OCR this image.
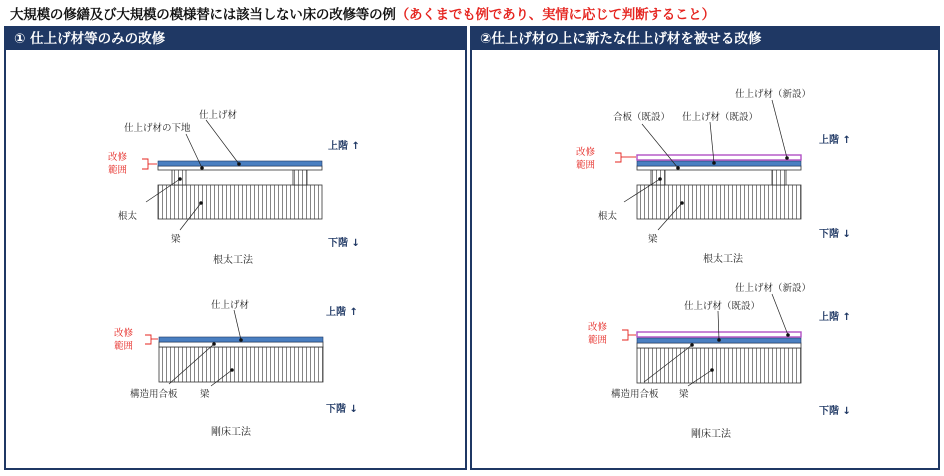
大規模の修繕及び大規模の模様替には該当しない床の改修等の例（あくまでも例であり、実情に応じて判断すること）
① 仕上げ材等のみの改修
仕上げ材
仕上げ材の下地
改修
範囲
根太
梁
上階 ↑
下階 ↓
根太工法
仕上げ材
改修
範囲
構造用合板 梁
上階 ↑
下階 ↓
剛床工法
②仕上げ材の上に新たな仕上げ材を被せる改修
仕上げ材（新設）
仕上げ材（既設）
合板（既設）
改修
範囲
根太
梁
上階 ↑
下階 ↓
根太工法
仕上げ材（新設）
仕上げ材（既設）
改修
範囲
構造用合板 梁
上階 ↑
下階 ↓
剛床工法
